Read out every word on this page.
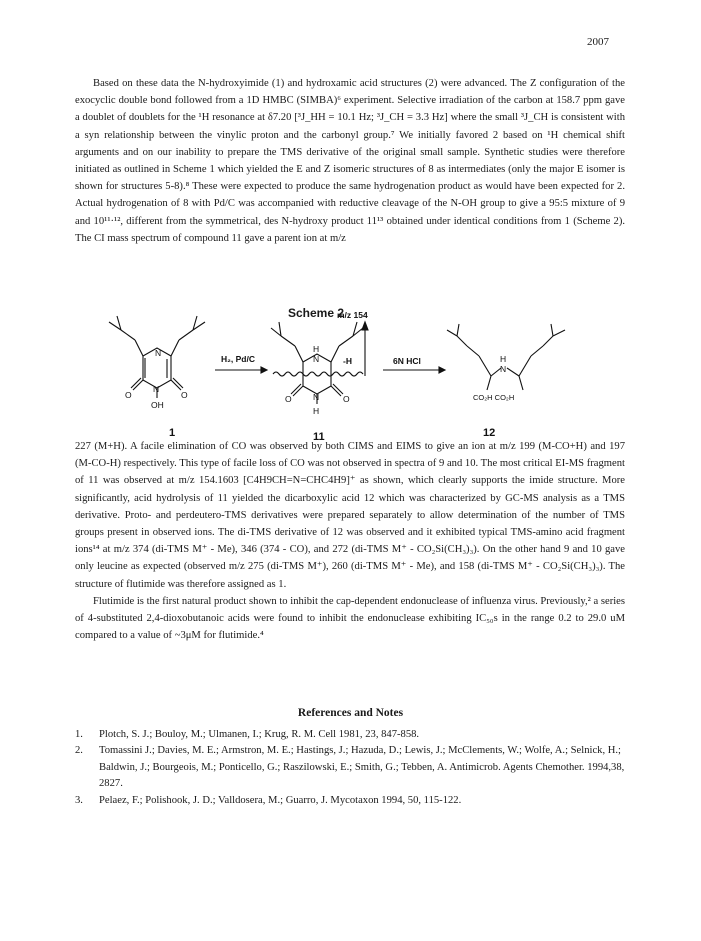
2007

Based on these data the N-hydroxyimide (1) and hydroxamic acid structures (2) were advanced. The Z configuration of the exocyclic double bond followed from a 1D HMBC (SIMBA)⁶ experiment. Selective irradiation of the carbon at 158.7 ppm gave a doublet of doublets for the ¹H resonance at δ7.20 [³J_HH = 10.1 Hz; ³J_CH = 3.3 Hz] where the small ³J_CH is consistent with a syn relationship between the vinylic proton and the carbonyl group.⁷ We initially favored 2 based on ¹H chemical shift arguments and on our inability to prepare the TMS derivative of the original small sample. Synthetic studies were therefore initiated as outlined in Scheme 1 which yielded the E and Z isomeric structures of 8 as intermediates (only the major E isomer is shown for structures 5-8).⁸ These were expected to produce the same hydrogenation product as would have been expected for 2. Actual hydrogenation of 8 with Pd/C was accompanied with reductive cleavage of the N-OH group to give a 95:5 mixture of 9 and 10¹¹·¹², different from the symmetrical, des N-hydroxy product 11¹³ obtained under identical conditions from 1 (Scheme 2). The CI mass spectrum of compound 11 gave a parent ion at m/z

Scheme 2
N
N
O	O
OH
H₂, Pd/C
H
N
N
H
O	O
-H
m/z 154
6N HCl	H
N
CO₂H CO₂H
1	11	12

227 (M+H). A facile elimination of CO was observed by both CIMS and EIMS to give an ion at m/z 199 (M-CO+H) and 197 (M-CO-H) respectively. This type of facile loss of CO was not observed in spectra of 9 and 10. The most critical EI-MS fragment of 11 was observed at m/z 154.1603 [C4H9CH=N=CHC4H9]⁺ as shown, which clearly supports the imide structure. More significantly, acid hydrolysis of 11 yielded the dicarboxylic acid 12 which was characterized by GC-MS analysis as a TMS derivative. Proto- and perdeutero-TMS derivatives were prepared separately to allow determination of the number of TMS groups present in observed ions. The di-TMS derivative of 12 was observed and it exhibited typical TMS-amino acid fragment ions¹⁴ at m/z 374 (di-TMS M⁺ - Me), 346 (374 - CO), and 272 (di-TMS M⁺ - CO₂Si(CH₃)₃). On the other hand 9 and 10 gave only leucine as expected (observed m/z 275 (di-TMS M⁺), 260 (di-TMS M⁺ - Me), and 158 (di-TMS M⁺ - CO₂Si(CH₃)₃). The structure of flutimide was therefore assigned as 1.

Flutimide is the first natural product shown to inhibit the cap-dependent endonuclease of influenza virus. Previously,² a series of 4-substituted 2,4-dioxobutanoic acids were found to inhibit the endonuclease exhibiting IC₅₀s in the range 0.2 to 29.0 uM compared to a value of ~3μM for flutimide.⁴

References and Notes
1.	Plotch, S. J.; Bouloy, M.; Ulmanen, I.; Krug, R. M. Cell 1981, 23, 847-858.
2.	Tomassini J.; Davies, M. E.; Armstron, M. E.; Hastings, J.; Hazuda, D.; Lewis, J.; McClements, W.; Wolfe, A.; Selnick, H.; Baldwin, J.; Bourgeois, M.; Ponticello, G.; Raszilowski, E.; Smith, G.; Tebben, A. Antimicrob. Agents Chemother. 1994,38, 2827.
3.	Pelaez, F.; Polishook, J. D.; Valldosera, M.; Guarro, J. Mycotaxon 1994, 50, 115-122.
